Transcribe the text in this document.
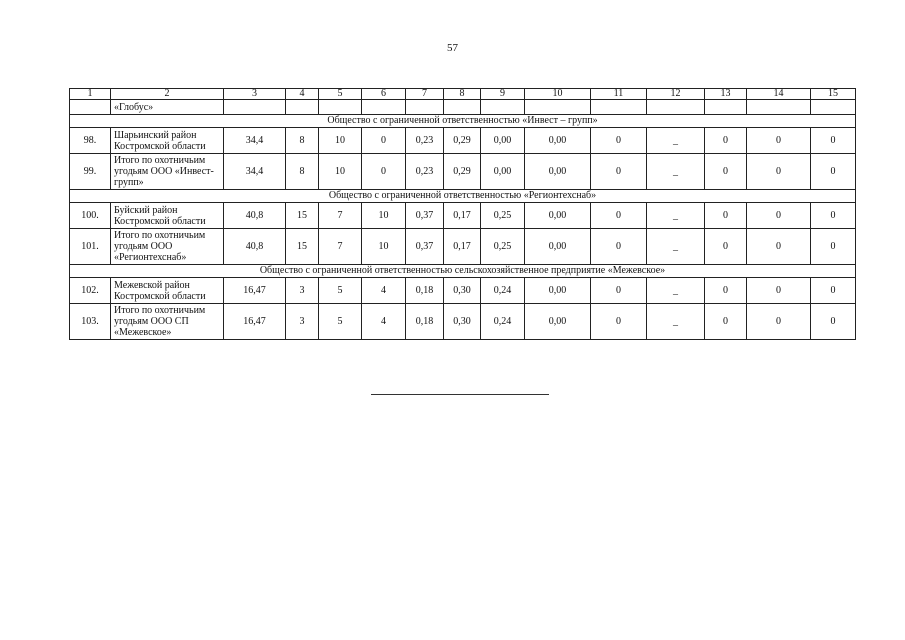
57
1	2	3	4	5	6	7	8	9	10	11	12	13	14	15
	«Глобус»													
Общество с ограниченной ответственностью «Инвест – групп»														
98.	Шарьинский район Костромской области	34,4	8	10	0	0,23	0,29	0,00	0,00	0	_	0	0	0
99.	Итого по охотничьим угодьям ООО «Инвест-групп»	34,4	8	10	0	0,23	0,29	0,00	0,00	0	_	0	0	0
Общество с ограниченной ответственностью «Регионтехснаб»														
100.	Буйский район Костромской области	40,8	15	7	10	0,37	0,17	0,25	0,00	0	_	0	0	0
101.	Итого по охотничьим угодьям ООО «Регионтехснаб»	40,8	15	7	10	0,37	0,17	0,25	0,00	0	_	0	0	0
Общество с ограниченной ответственностью сельскохозяйственное предприятие «Межевское»														
102.	Межевской район Костромской области	16,47	3	5	4	0,18	0,30	0,24	0,00	0	_	0	0	0
103.	Итого по охотничьим угодьям ООО СП «Межевское»	16,47	3	5	4	0,18	0,30	0,24	0,00	0	_	0	0	0
